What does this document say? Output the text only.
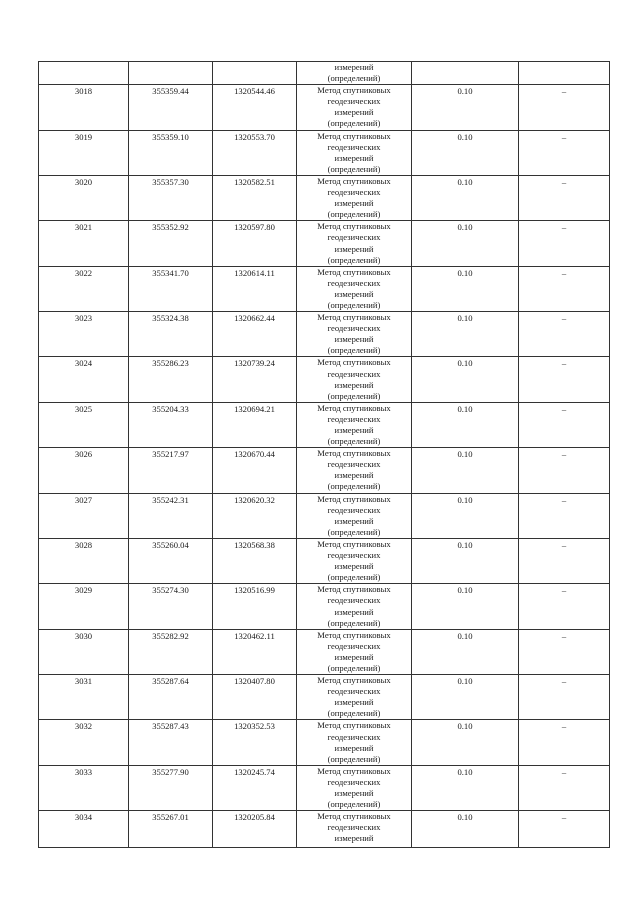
			измерений
(определений)		

3018	355359.44	1320544.46	Метод спутниковых
геодезических
измерений
(определений)	0.10	–

3019	355359.10	1320553.70	Метод спутниковых
геодезических
измерений
(определений)	0.10	–

3020	355357.30	1320582.51	Метод спутниковых
геодезических
измерений
(определений)	0.10	–

3021	355352.92	1320597.80	Метод спутниковых
геодезических
измерений
(определений)	0.10	–

3022	355341.70	1320614.11	Метод спутниковых
геодезических
измерений
(определений)	0.10	–

3023	355324.38	1320662.44	Метод спутниковых
геодезических
измерений
(определений)	0.10	–

3024	355286.23	1320739.24	Метод спутниковых
геодезических
измерений
(определений)	0.10	–

3025	355204.33	1320694.21	Метод спутниковых
геодезических
измерений
(определений)	0.10	–

3026	355217.97	1320670.44	Метод спутниковых
геодезических
измерений
(определений)	0.10	–

3027	355242.31	1320620.32	Метод спутниковых
геодезических
измерений
(определений)	0.10	–

3028	355260.04	1320568.38	Метод спутниковых
геодезических
измерений
(определений)	0.10	–

3029	355274.30	1320516.99	Метод спутниковых
геодезических
измерений
(определений)	0.10	–

3030	355282.92	1320462.11	Метод спутниковых
геодезических
измерений
(определений)	0.10	–

3031	355287.64	1320407.80	Метод спутниковых
геодезических
измерений
(определений)	0.10	–

3032	355287.43	1320352.53	Метод спутниковых
геодезических
измерений
(определений)	0.10	–

3033	355277.90	1320245.74	Метод спутниковых
геодезических
измерений
(определений)	0.10	–

3034	355267.01	1320205.84	Метод спутниковых
геодезических
измерений	0.10	–
